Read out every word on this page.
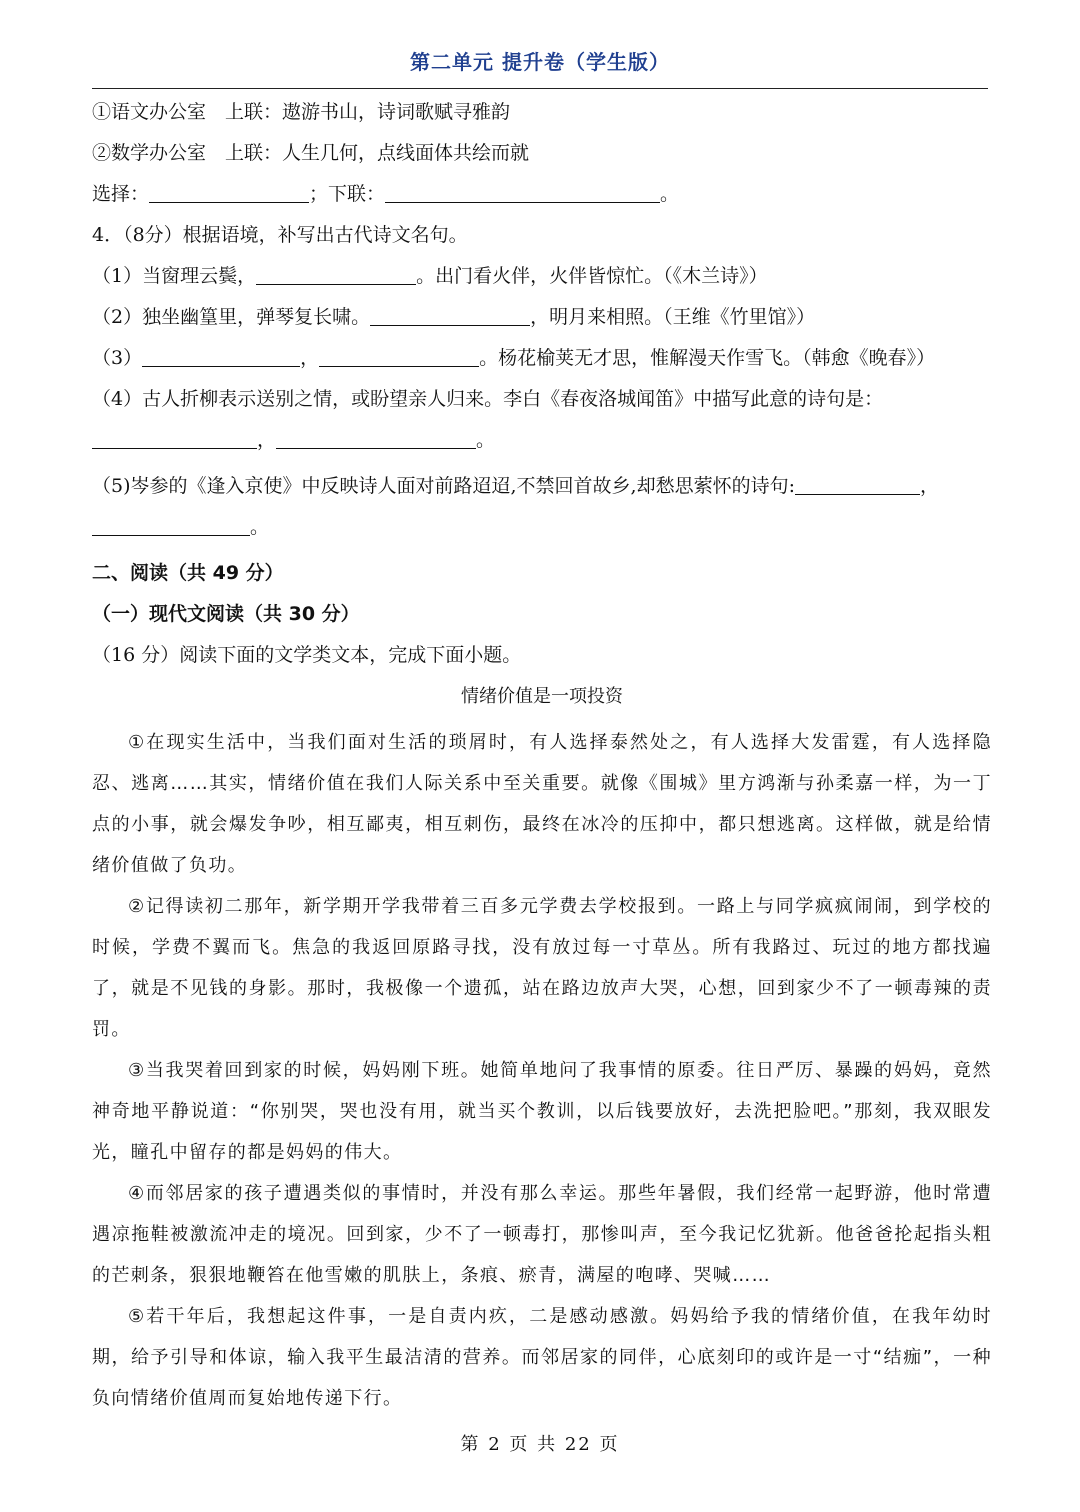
第二单元 提升卷（学生版）
①语文办公室　上联：遨游书山，诗词歌赋寻雅韵
②数学办公室　上联：人生几何，点线面体共绘而就
选择：	；下联：	。
4．（8分）根据语境，补写出古代诗文名句。
（1）当窗理云鬓，	。出门看火伴，火伴皆惊忙。（《木兰诗》）
（2）独坐幽篁里，弹琴复长啸。	，明月来相照。（王维《竹里馆》）
（3）	，	。杨花榆荚无才思，惟解漫天作雪飞。（韩愈《晚春》）
（4）古人折柳表示送别之情，或盼望亲人归来。李白《春夜洛城闻笛》中描写此意的诗句是：
，	。
（5)岑参的《逢入京使》中反映诗人面对前路迢迢,不禁回首故乡,却愁思萦怀的诗句:	，
。
二、阅读（共 49 分）
（一）现代文阅读（共 30 分）
（16 分）阅读下面的文学类文本，完成下面小题。
情绪价值是一项投资

①在现实生活中，当我们面对生活的琐屑时，有人选择泰然处之，有人选择大发雷霆，有人选择隐忍、逃离……其实，情绪价值在我们人际关系中至关重要。就像《围城》里方鸿渐与孙柔嘉一样，为一丁点的小事，就会爆发争吵，相互鄙夷，相互刺伤，最终在冰冷的压抑中，都只想逃离。这样做，就是给情绪价值做了负功。

②记得读初二那年，新学期开学我带着三百多元学费去学校报到。一路上与同学疯疯闹闹，到学校的时候，学费不翼而飞。焦急的我返回原路寻找，没有放过每一寸草丛。所有我路过、玩过的地方都找遍了，就是不见钱的身影。那时，我极像一个遗孤，站在路边放声大哭，心想，回到家少不了一顿毒辣的责罚。

③当我哭着回到家的时候，妈妈刚下班。她简单地问了我事情的原委。往日严厉、暴躁的妈妈，竟然神奇地平静说道：“你别哭，哭也没有用，就当买个教训，以后钱要放好，去洗把脸吧。”那刻，我双眼发光，瞳孔中留存的都是妈妈的伟大。

④而邻居家的孩子遭遇类似的事情时，并没有那么幸运。那些年暑假，我们经常一起野游，他时常遭遇凉拖鞋被激流冲走的境况。回到家，少不了一顿毒打，那惨叫声，至今我记忆犹新。他爸爸抡起指头粗的芒刺条，狠狠地鞭笞在他雪嫩的肌肤上，条痕、瘀青，满屋的咆哮、哭喊……

⑤若干年后，我想起这件事，一是自责内疚，二是感动感激。妈妈给予我的情绪价值，在我年幼时期，给予引导和体谅，输入我平生最洁清的营养。而邻居家的同伴，心底刻印的或许是一寸“结痂”，一种负向情绪价值周而复始地传递下行。

第 2 页 共 22 页
